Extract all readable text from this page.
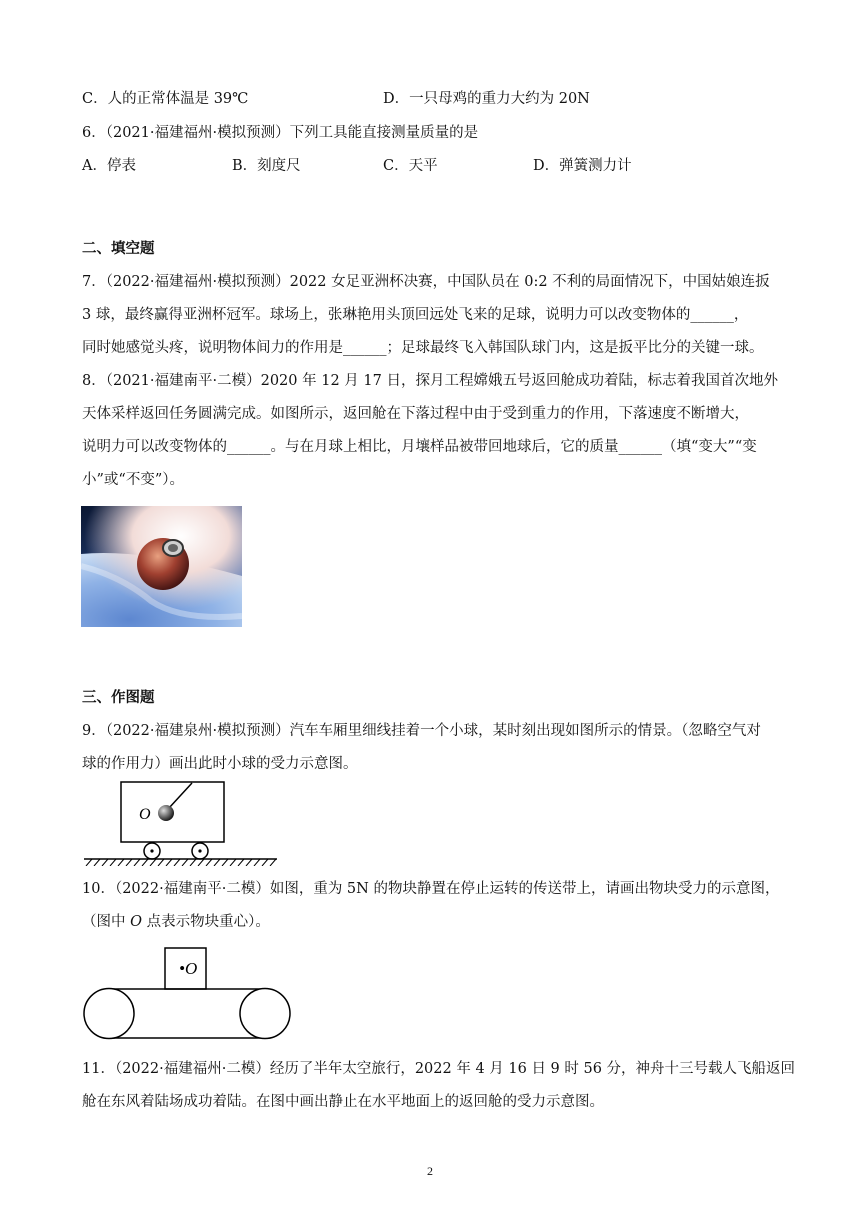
C．人的正常体温是 39℃	D．一只母鸡的重力大约为 20N
6．（2021·福建福州·模拟预测）下列工具能直接测量质量的是
A．停表	B．刻度尺	C．天平	D．弹簧测力计
二、填空题
7．（2022·福建福州·模拟预测）2022 女足亚洲杯决赛，中国队员在 0:2 不利的局面情况下，中国姑娘连扳
3 球，最终赢得亚洲杯冠军。球场上，张琳艳用头顶回远处飞来的足球，说明力可以改变物体的______，
同时她感觉头疼，说明物体间力的作用是______；足球最终飞入韩国队球门内，这是扳平比分的关键一球。
8．（2021·福建南平·二模）2020 年 12 月 17 日，探月工程嫦娥五号返回舱成功着陆，标志着我国首次地外
天体采样返回任务圆满完成。如图所示，返回舱在下落过程中由于受到重力的作用，下落速度不断增大，
说明力可以改变物体的______。与在月球上相比，月壤样品被带回地球后，它的质量______（填“变大”“变
小”或“不变”）。
三、作图题
9．（2022·福建泉州·模拟预测）汽车车厢里细线挂着一个小球，某时刻出现如图所示的情景。（忽略空气对
球的作用力）画出此时小球的受力示意图。
O
10．（2022·福建南平·二模）如图，重为 5N 的物块静置在停止运转的传送带上，请画出物块受力的示意图，
（图中 O 点表示物块重心）。
•O
11．（2022·福建福州·二模）经历了半年太空旅行，2022 年 4 月 16 日 9 时 56 分，神舟十三号载人飞船返回
舱在东风着陆场成功着陆。在图中画出静止在水平地面上的返回舱的受力示意图。
2
